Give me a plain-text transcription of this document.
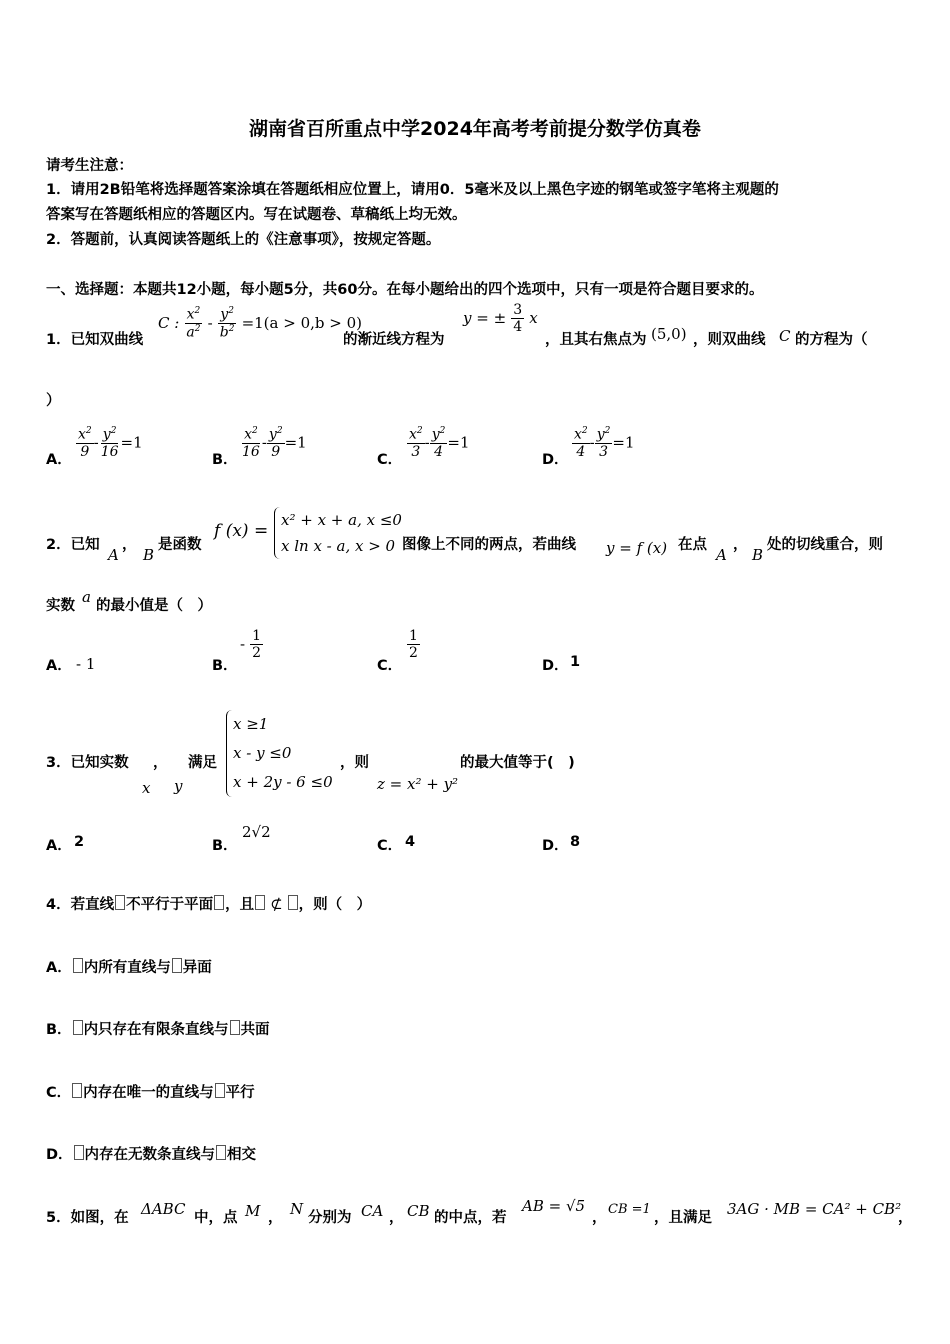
湖南省百所重点中学2024年高考考前提分数学仿真卷
请考生注意：
1．请用2B铅笔将选择题答案涂填在答题纸相应位置上，请用0．5毫米及以上黑色字迹的钢笔或签字笔将主观题的
答案写在答题纸相应的答题区内。写在试题卷、草稿纸上均无效。
2．答题前，认真阅读答题纸上的《注意事项》，按规定答题。
一、选择题：本题共12小题，每小题5分，共60分。在每小题给出的四个选项中，只有一项是符合题目要求的。
1．已知双曲线
C : $\frac{x^2}{a^2} - \frac{y^2}{b^2} =1(a > 0,b > 0)$
的渐近线方程为
y = ± $\frac{3}{4}$ x
，且其右焦点为 (5,0) ，则双曲线 C 的方程为（
）
A．
$\frac{x^2}{9} - \frac{y^2}{16} =1$
B．
$\frac{x^2}{16} - \frac{y^2}{9} =1$
C．
$\frac{x^2}{3} - \frac{y^2}{4} =1$
D．
$\frac{x^2}{4} - \frac{y^2}{3} =1$
2．已知
A
，
B
是函数
f (x) =
x² + x + a, x ≤0
x ln x - a, x > 0 图像上不同的两点，若曲线 y = f (x) 在点
A
，
B
处的切线重合，则
实数 a 的最小值是（　）
A． - 1	B．
- $\frac{1}{2}$
C．
$\frac{1}{2}$
D． 1
3．已知实数
x
，
y
满足
x ≥1
x - y ≤0
x + 2y - 6 ≤0
，则
z = x² + y²
的最大值等于(　)
A． 2	B．
2√2
C． 4	D． 8
4．若直线 不平行于平面 ，且 ⊄ ，则（　）
A． 内所有直线与 异面
B． 内只存在有限条直线与 共面
C． 内存在唯一的直线与 平行
D． 内存在无数条直线与 相交
5．如图，在 ΔABC 中，点 M ， N 分别为 CA ， CB 的中点，若
AB = √5
，
CB =1
，且满足 3AG · MB = CA² + CB²
，
